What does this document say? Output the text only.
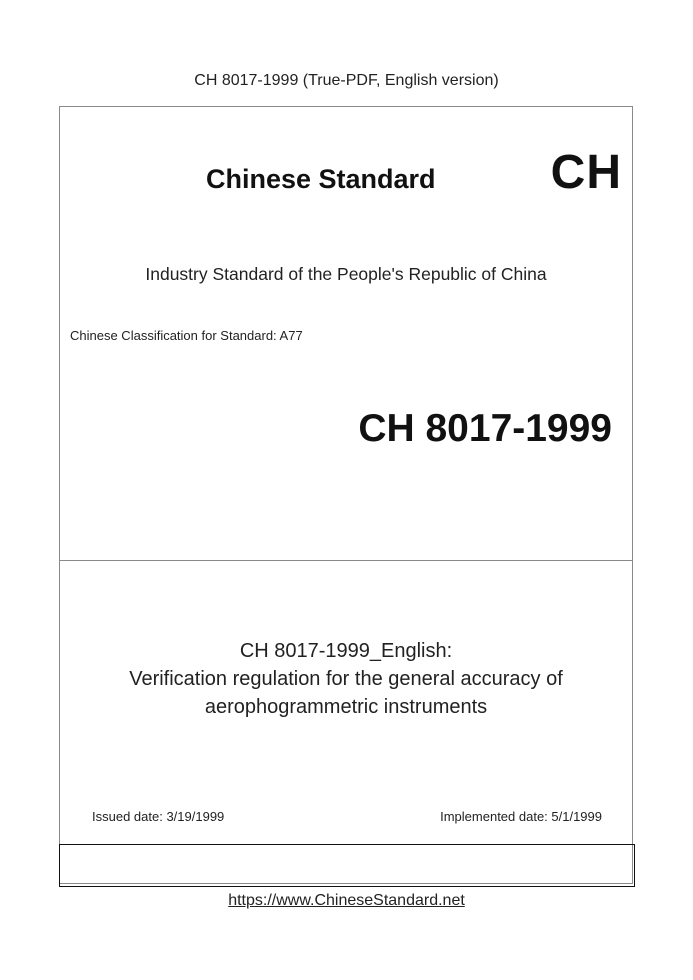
CH 8017-1999 (True-PDF, English version)
Chinese Standard CH
Industry Standard of the People's Republic of China
Chinese Classification for Standard: A77
CH 8017-1999
CH 8017-1999_English:
Verification regulation for the general accuracy of
aerophogrammetric instruments
Issued date: 3/19/1999	Implemented date: 5/1/1999
https://www.ChineseStandard.net
